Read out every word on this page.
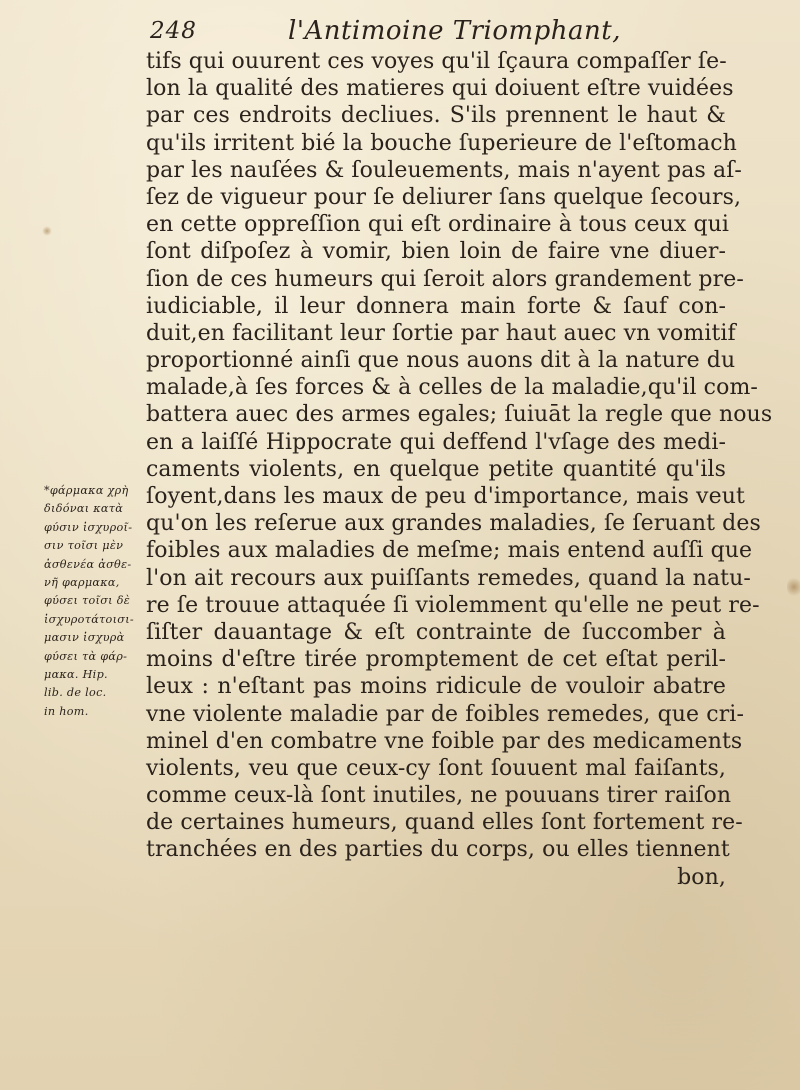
248	l'Antimoine Triomphant,
tifs qui ouurent ces voyes qu'il ſçaura compaſſer ſe-
lon la qualité des matieres qui doiuent eſtre vuidées
par ces endroits decliues. S'ils prennent le haut &
qu'ils irritent bié la bouche ſuperieure de l'eſtomach
par les nauſées & ſouleuements, mais n'ayent pas aſ-
ſez de vigueur pour ſe deliurer ſans quelque ſecours,
en cette oppreſſion qui eſt ordinaire à tous ceux qui
ſont diſpoſez à vomir, bien loin de faire vne diuer-
ſion de ces humeurs qui ſeroit alors grandement pre-
iudiciable, il leur donnera main forte & ſauf con-
duit,en facilitant leur ſortie par haut auec vn vomitif
proportionné ainſi que nous auons dit à la nature du
malade,à ſes forces & à celles de la maladie,qu'il com-
battera auec des armes egales; ſuiuāt la regle que nous
en a laiſſé Hippocrate qui deffend l'vſage des medi-
caments violents, en quelque petite quantité qu'ils
ſoyent,dans les maux de peu d'importance, mais veut
qu'on les reſerue aux grandes maladies, ſe ſeruant des
foibles aux maladies de meſme; mais entend auſſi que
l'on ait recours aux puiſſants remedes, quand la natu-
re ſe trouue attaquée ſi violemment qu'elle ne peut re-
ſiſter dauantage & eſt contrainte de ſuccomber à
moins d'eſtre tirée promptement de cet eſtat peril-
leux : n'eſtant pas moins ridicule de vouloir abatre
vne violente maladie par de foibles remedes, que cri-
minel d'en combatre vne foible par des medicaments
violents, veu que ceux-cy ſont ſouuent mal faiſants,
comme ceux-là ſont inutiles, ne pouuans tirer raiſon
de certaines humeurs, quand elles ſont fortement re-
tranchées en des parties du corps, ou elles tiennent
bon,
*φάρμακα χρὴ
διδόναι κατὰ
φύσιν ἰσχυροῖ-
σιν τοῖσι μὲν
ἀσθενέα ἀσθε-
νῆ φαρμακα,
φύσει τοῖσι δὲ
ἰσχυροτάτοισι-
μασιν ἰσχυρὰ
φύσει τὰ φάρ-
μακα. Hip.
lib. de loc.
in hom.
